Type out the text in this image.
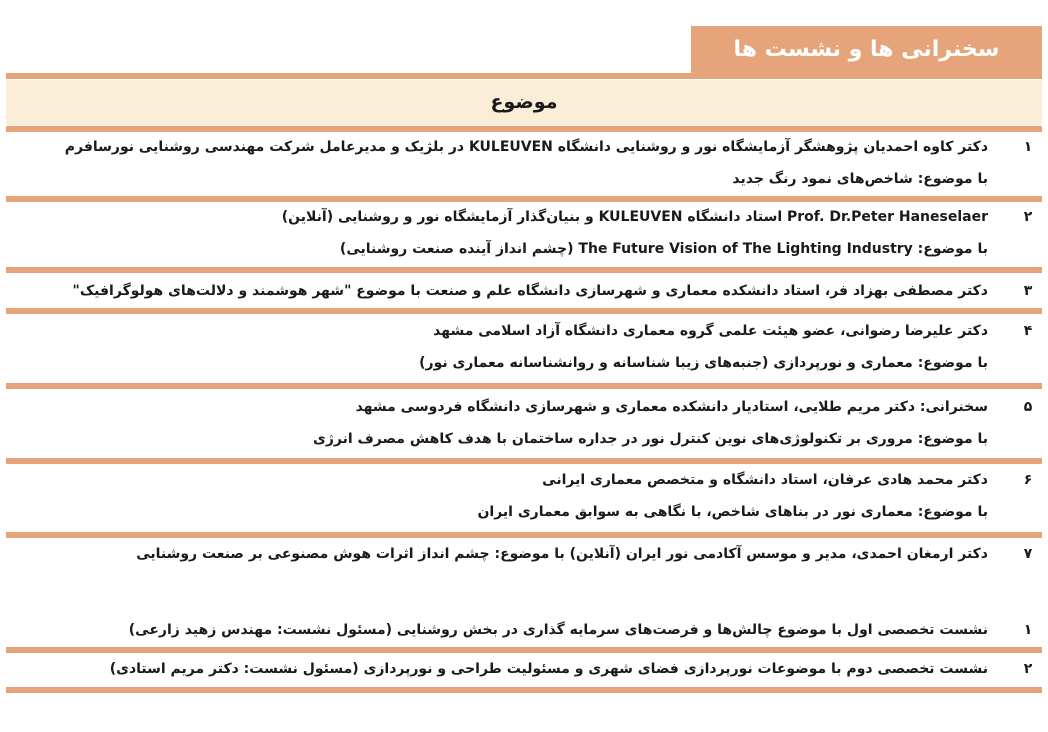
سخنرانی ها و نشست ها
موضوع
۱
دکتر کاوه احمدیان پژوهشگر آزمایشگاه نور و روشنایی دانشگاه KULEUVEN در بلژیک و مدیرعامل شرکت مهندسی روشنایی نورسافرم
با موضوع: شاخص‌های نمود رنگ جدید
۲
Prof. Dr.Peter Haneselaer استاد دانشگاه KULEUVEN و بنیان‌گذار آزمایشگاه نور و روشنایی (آنلاین)
با موضوع: The Future Vision of The Lighting Industry (چشم انداز آینده صنعت روشنایی)
۳
دکتر مصطفی بهزاد فر، استاد دانشکده معماری و شهرسازی دانشگاه علم و صنعت با موضوع "شهر هوشمند و دلالت‌های هولوگرافیک"
۴
دکتر علیرضا رضوانی، عضو هیئت علمی گروه معماری دانشگاه آزاد اسلامی مشهد
با موضوع: معماری و نورپردازی (جنبه‌های زیبا شناسانه و روانشناسانه معماری نور)
۵
سخنرانی: دکتر مریم طلایی، استادیار دانشکده معماری و شهرسازی دانشگاه فردوسی مشهد
با موضوع: مروری بر تکنولوژی‌های نوین کنترل نور در جداره ساختمان با هدف کاهش مصرف انرژی
۶
دکتر محمد هادی عرفان، استاد دانشگاه و متخصص معماری ایرانی
با موضوع: معماری نور در بناهای شاخص، با نگاهی به سوابق معماری ایران
۷
دکتر ارمغان احمدی، مدیر و موسس آکادمی نور ایران (آنلاین) با موضوع: چشم انداز اثرات هوش مصنوعی بر صنعت روشنایی
۱
نشست تخصصی اول با موضوع چالش‌ها و فرصت‌های سرمایه گذاری در بخش روشنایی (مسئول نشست: مهندس زهید زارعی)
۲
نشست تخصصی دوم با موضوعات نورپردازی فضای شهری و مسئولیت طراحی و نورپردازی (مسئول نشست: دکتر مریم استادی)
